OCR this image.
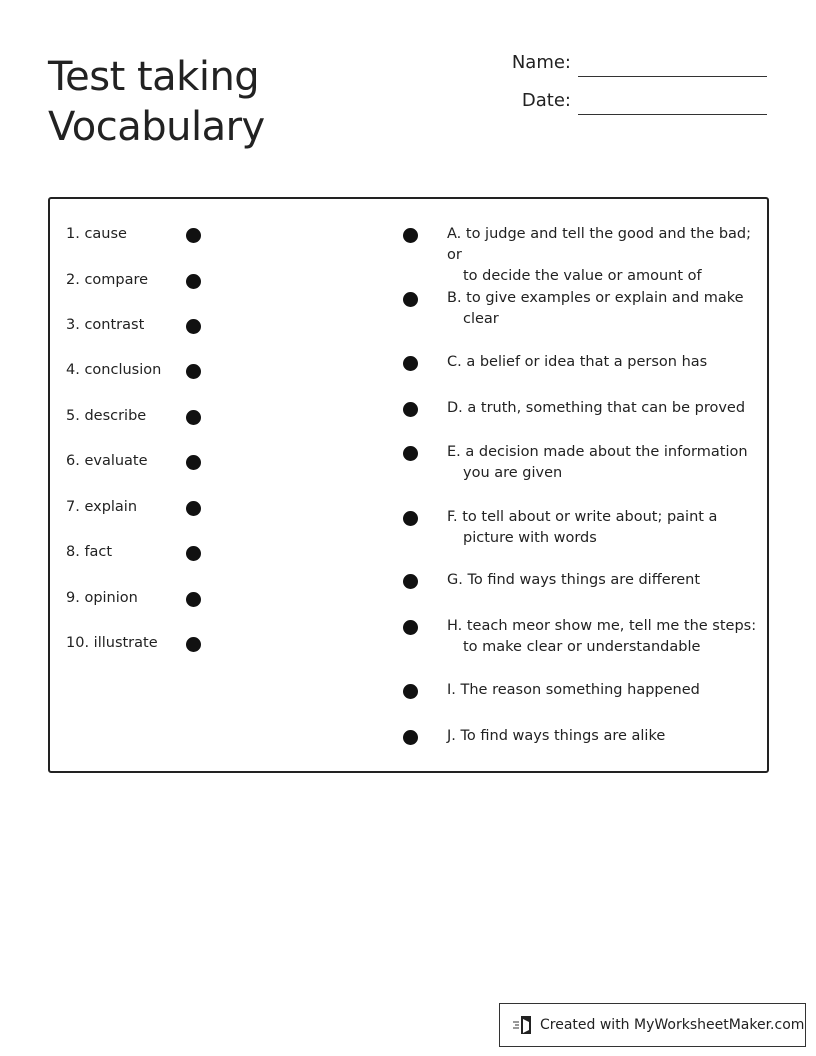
Test taking
Vocabulary
Name:
Date:
Created with MyWorksheetMaker.com
1. cause
2. compare
3. contrast
4. conclusion
5. describe
6. evaluate
7. explain
8. fact
9. opinion
10. illustrate
A. to judge and tell the good and the bad; or
to decide the value or amount of
B. to give examples or explain and make
clear
C. a belief or idea that a person has
D. a truth, something that can be proved
E. a decision made about the information
you are given
F. to tell about or write about; paint a
picture with words
G. To find ways things are different
H. teach meor show me, tell me the steps:
to make clear or understandable
I. The reason something happened
J. To find ways things are alike
